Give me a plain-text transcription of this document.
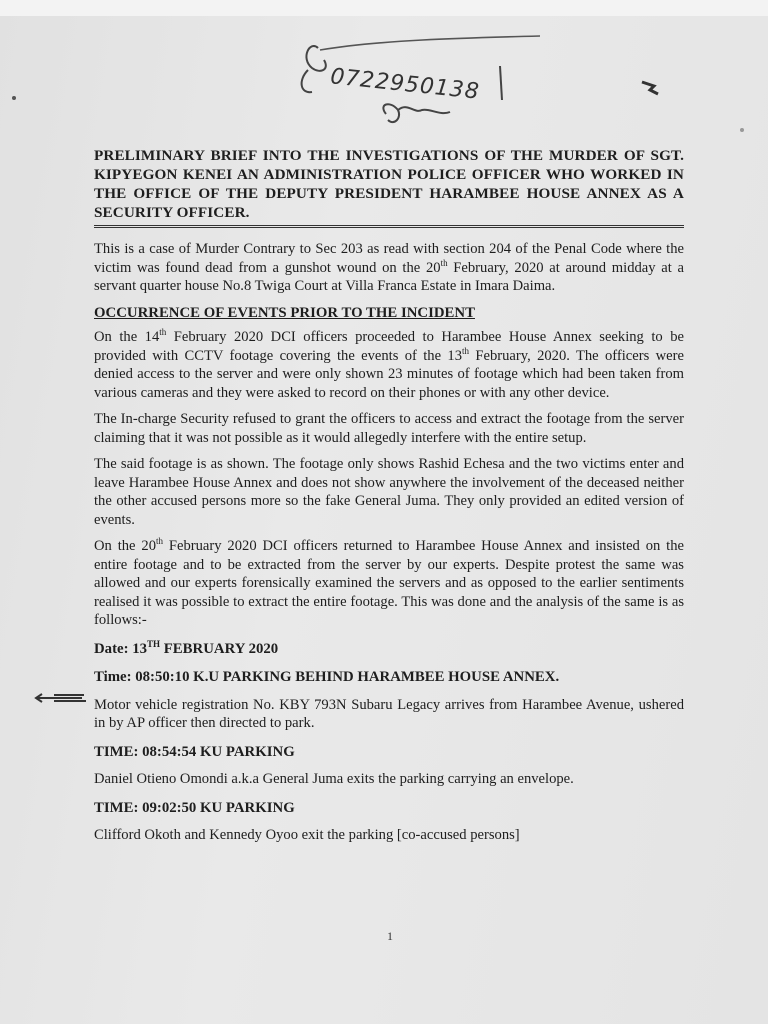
0722950138
PRELIMINARY BRIEF INTO THE INVESTIGATIONS OF THE MURDER OF SGT. KIPYEGON KENEI AN ADMINISTRATION POLICE OFFICER WHO WORKED IN THE OFFICE OF THE DEPUTY PRESIDENT HARAMBEE HOUSE ANNEX AS A SECURITY OFFICER.

This is a case of Murder Contrary to Sec 203 as read with section 204 of the Penal Code where the victim was found dead from a gunshot wound on the 20th February, 2020 at around midday at a servant quarter house No.8 Twiga Court at Villa Franca Estate in Imara Daima.

OCCURRENCE OF EVENTS PRIOR TO THE INCIDENT

On the 14th February 2020 DCI officers proceeded to Harambee House Annex seeking to be provided with CCTV footage covering the events of the 13th February, 2020. The officers were denied access to the server and were only shown 23 minutes of footage which had been taken from various cameras and they were asked to record on their phones or with any other device.

The In-charge Security refused to grant the officers to access and extract the footage from the server claiming that it was not possible as it would allegedly interfere with the entire setup.

The said footage is as shown. The footage only shows Rashid Echesa and the two victims enter and leave Harambee House Annex and does not show anywhere the involvement of the deceased neither the other accused persons more so the fake General Juma. They only provided an edited version of events.

On the 20th February 2020 DCI officers returned to Harambee House Annex and insisted on the entire footage and to be extracted from the server by our experts. Despite protest the same was allowed and our experts forensically examined the servers and as opposed to the earlier sentiments realised it was possible to extract the entire footage. This was done and the analysis of the same is as follows:-

Date: 13TH FEBRUARY 2020
Time: 08:50:10 K.U PARKING BEHIND HARAMBEE HOUSE ANNEX.

Motor vehicle registration No. KBY 793N Subaru Legacy arrives from Harambee Avenue, ushered in by AP officer then directed to park.

TIME: 08:54:54 KU PARKING

Daniel Otieno Omondi a.k.a General Juma exits the parking carrying an envelope.

TIME: 09:02:50 KU PARKING

Clifford Okoth and Kennedy Oyoo exit the parking [co-accused persons]

1
